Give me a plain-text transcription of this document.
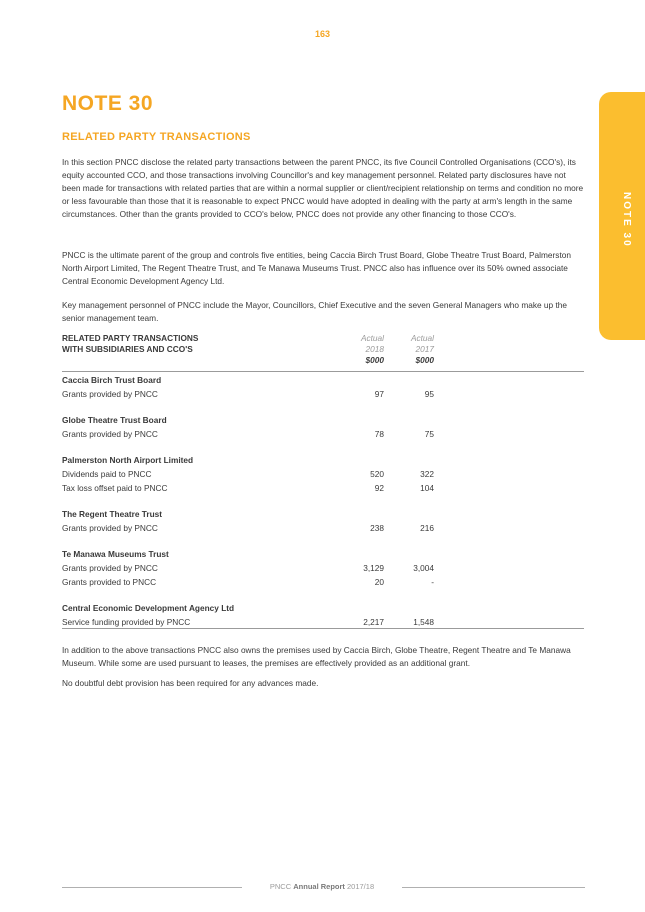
163
NOTE 30
NOTE 30
RELATED PARTY TRANSACTIONS

In this section PNCC disclose the related party transactions between the parent PNCC, its five Council Controlled Organisations (CCO's), its equity accounted CCO, and those transactions involving Councillor's and key management personnel. Related party disclosures have not been made for transactions with related parties that are within a normal supplier or client/recipient relationship on terms and condition no more or less favourable than those that it is reasonable to expect PNCC would have adopted in dealing with the party at arm's length in the same circumstances. Other than the grants provided to CCO's below, PNCC does not provide any other financing to those CCO's.

PNCC is the ultimate parent of the group and controls five entities, being Caccia Birch Trust Board, Globe Theatre Trust Board, Palmerston North Airport Limited, The Regent Theatre Trust, and Te Manawa Museums Trust. PNCC also has influence over its 50% owned associate Central Economic Development Agency Ltd.

Key management personnel of PNCC include the Mayor, Councillors, Chief Executive and the seven General Managers who make up the senior management team.

RELATED PARTY TRANSACTIONS
WITH SUBSIDIARIES AND CCO'S
Actual
2018
$000
Actual
2017
$000
Caccia Birch Trust Board
Grants provided by PNCC	97	95
Globe Theatre Trust Board
Grants provided by PNCC	78	75
Palmerston North Airport Limited
Dividends paid to PNCC	520	322
Tax loss offset paid to PNCC	92	104
The Regent Theatre Trust
Grants provided by PNCC	238	216
Te Manawa Museums Trust
Grants provided by PNCC	3,129	3,004
Grants provided to PNCC	20	-
Central Economic Development Agency Ltd
Service funding provided by PNCC	2,217	1,548

In addition to the above transactions PNCC also owns the premises used by Caccia Birch, Globe Theatre, Regent Theatre and Te Manawa Museum. While some are used pursuant to leases, the premises are effectively provided as an additional grant.

No doubtful debt provision has been required for any advances made.

PNCC Annual Report 2017/18
